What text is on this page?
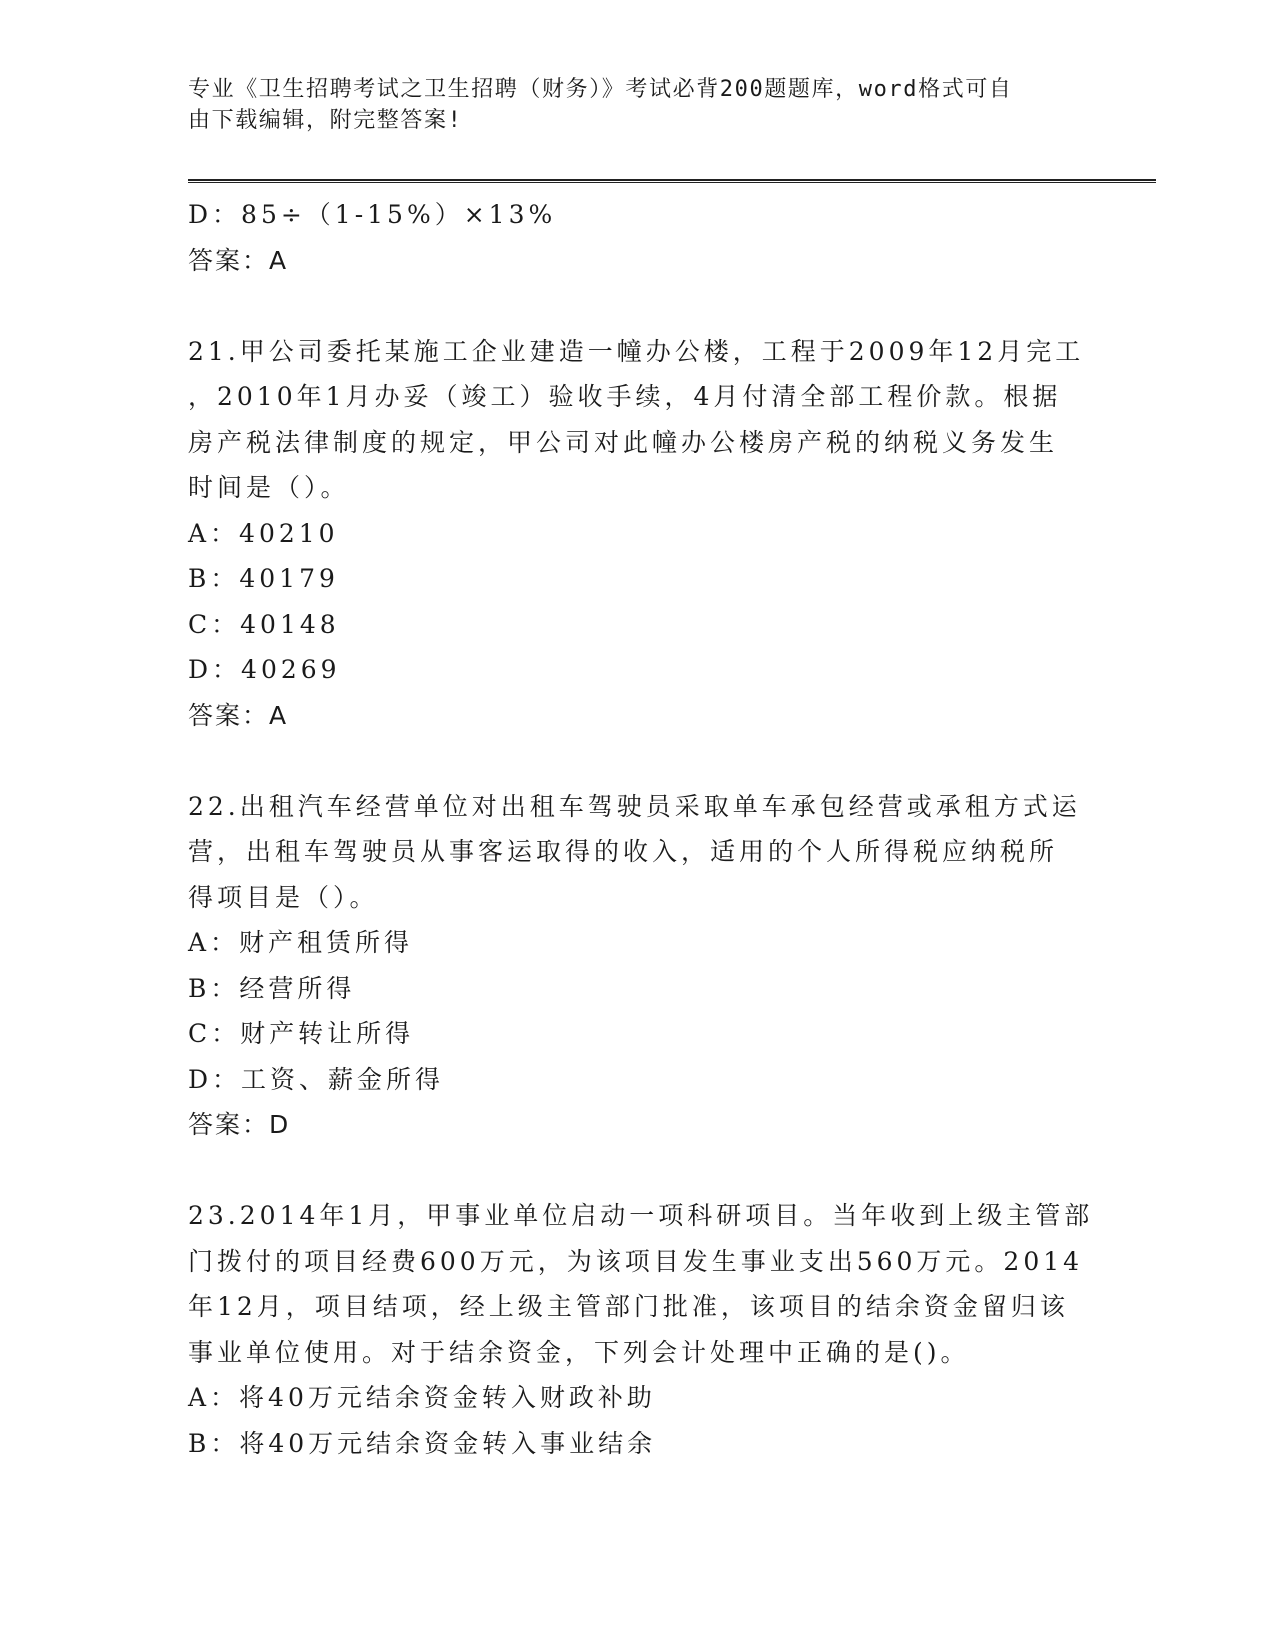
专业《卫生招聘考试之卫生招聘（财务）》考试必背200题题库，word格式可自
由下载编辑，附完整答案!
D：85÷（1-15%）×13%
答案：A
21.甲公司委托某施工企业建造一幢办公楼，工程于2009年12月完工
，2010年1月办妥（竣工）验收手续，4月付清全部工程价款。根据
房产税法律制度的规定，甲公司对此幢办公楼房产税的纳税义务发生
时间是（）。
A：40210
B：40179
C：40148
D：40269
答案：A
22.出租汽车经营单位对出租车驾驶员采取单车承包经营或承租方式运
营，出租车驾驶员从事客运取得的收入，适用的个人所得税应纳税所
得项目是（）。
A：财产租赁所得
B：经营所得
C：财产转让所得
D：工资、薪金所得
答案：D
23.2014年1月，甲事业单位启动一项科研项目。当年收到上级主管部
门拨付的项目经费600万元，为该项目发生事业支出560万元。2014
年12月，项目结项，经上级主管部门批准，该项目的结余资金留归该
事业单位使用。对于结余资金，下列会计处理中正确的是()。
A：将40万元结余资金转入财政补助
B：将40万元结余资金转入事业结余
